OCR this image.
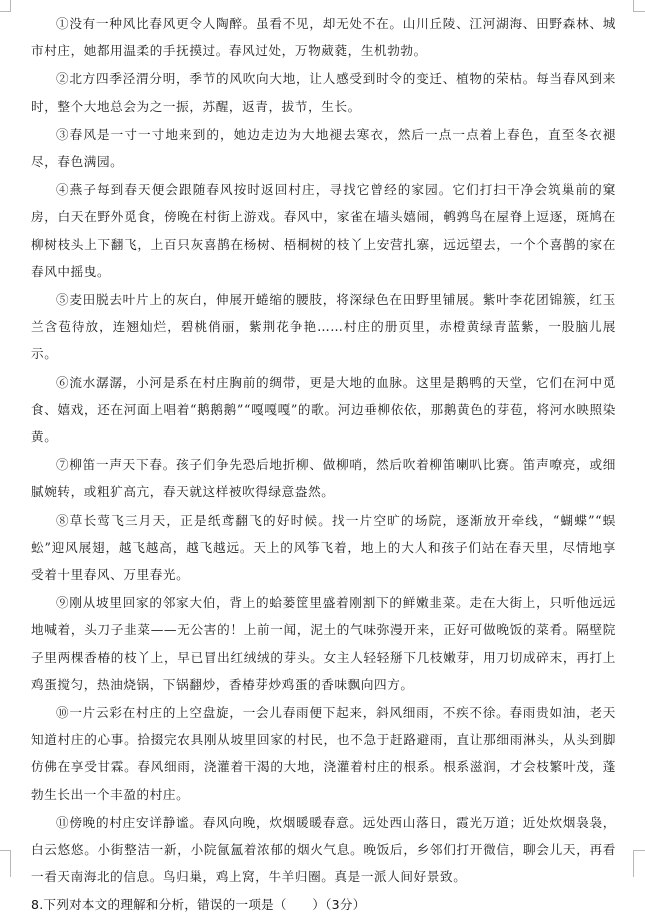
①没有一种风比春风更令人陶醉。虽看不见，却无处不在。山川丘陵、江河湖海、田野森林、城市村庄，她都用温柔的手抚摸过。春风过处，万物葳蕤，生机勃勃。

②北方四季泾渭分明，季节的风吹向大地，让人感受到时令的变迁、植物的荣枯。每当春风到来时，整个大地总会为之一振，苏醒，返青，拔节，生长。

③春风是一寸一寸地来到的，她边走边为大地褪去寒衣，然后一点一点着上春色，直至冬衣褪尽，春色满园。

④燕子每到春天便会跟随春风按时返回村庄，寻找它曾经的家园。它们打扫干净会筑巢前的窠房，白天在野外觅食，傍晚在村街上游戏。春风中，家雀在墙头嬉闹，鹌鹑鸟在屋脊上逗逐，斑鸠在柳树枝头上下翻飞，上百只灰喜鹊在杨树、梧桐树的枝丫上安营扎寨，远远望去，一个个喜鹊的家在春风中摇曳。

⑤麦田脱去叶片上的灰白，伸展开蜷缩的腰肢，将深绿色在田野里铺展。紫叶李花团锦簇，红玉兰含苞待放，连翘灿烂，碧桃俏丽，紫荆花争艳……村庄的册页里，赤橙黄绿青蓝紫，一股脑儿展示。

⑥流水潺潺，小河是系在村庄胸前的绸带，更是大地的血脉。这里是鹅鸭的天堂，它们在河中觅食、嬉戏，还在河面上唱着“鹅鹅鹅”“嘎嘎嘎”的歌。河边垂柳依依，那鹅黄色的芽苞，将河水映照染黄。

⑦柳笛一声天下春。孩子们争先恐后地折柳、做柳哨，然后吹着柳笛喇叭比赛。笛声嘹亮，或细腻婉转，或粗犷高亢，春天就这样被吹得绿意盎然。

⑧草长莺飞三月天，正是纸鸢翻飞的好时候。找一片空旷的场院，逐渐放开牵线，“蝴蝶”“蜈蚣”迎风展翅，越飞越高，越飞越远。天上的风筝飞着，地上的大人和孩子们站在春天里，尽情地享受着十里春风、万里春光。

⑨刚从坡里回家的邻家大伯，背上的蛤蒌筐里盛着刚割下的鲜嫩韭菜。走在大街上，只听他远远地喊着，头刀子韭菜——无公害的！上前一闻，泥土的气味弥漫开来，正好可做晚饭的菜肴。隔壁院子里两棵香椿的枝丫上，早已冒出红绒绒的芽头。女主人轻轻掰下几枝嫩芽，用刀切成碎末，再打上鸡蛋搅匀，热油烧锅，下锅翻炒，香椿芽炒鸡蛋的香味飘向四方。

⑩一片云彩在村庄的上空盘旋，一会儿春雨便下起来，斜风细雨，不疾不徐。春雨贵如油，老天知道村庄的心事。拾掇完农具刚从坡里回家的村民，也不急于赶路避雨，直让那细雨淋头，从头到脚仿佛在享受甘霖。春风细雨，浇灌着干渴的大地，浇灌着村庄的根系。根系滋润，才会枝繁叶茂，蓬勃生长出一个丰盈的村庄。

⑪傍晚的村庄安详静谧。春风向晚，炊烟暖暖春意。远处西山落日，霞光万道；近处炊烟袅袅，白云悠悠。小街整洁一新，小院氤氲着浓郁的烟火气息。晚饭后，乡邻们打开微信，聊会儿天，再看一看天南海北的信息。鸟归巢，鸡上窝，牛羊归圈。真是一派人间好景致。

8.下列对本文的理解和分析，错误的一项是（　　）（3分）
